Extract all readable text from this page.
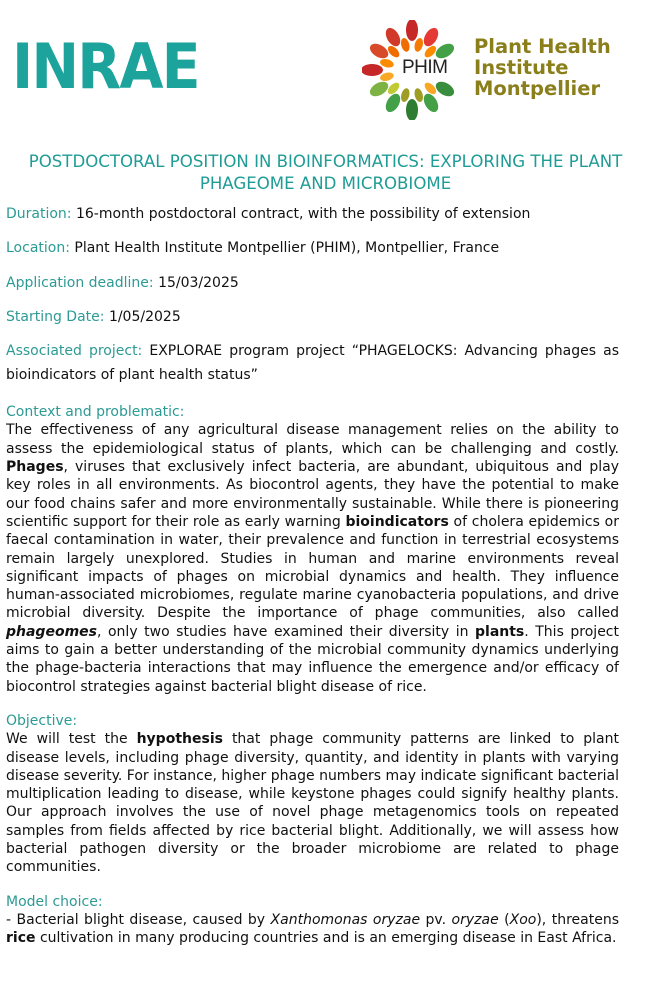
INRAE	PHIM
Plant Health
Institute
Montpellier
POSTDOCTORAL POSITION IN BIOINFORMATICS: EXPLORING THE PLANT PHAGEOME AND MICROBIOME
Duration: 16-month postdoctoral contract, with the possibility of extension
Location: Plant Health Institute Montpellier (PHIM), Montpellier, France
Application deadline: 15/03/2025
Starting Date: 1/05/2025
Associated project: EXPLORAE program project “PHAGELOCKS: Advancing phages as bioindicators of plant health status”
Context and problematic:
The effectiveness of any agricultural disease management relies on the ability to assess the epidemiological status of plants, which can be challenging and costly. Phages, viruses that exclusively infect bacteria, are abundant, ubiquitous and play key roles in all environments. As biocontrol agents, they have the potential to make our food chains safer and more environmentally sustainable. While there is pioneering scientific support for their role as early warning bioindicators of cholera epidemics or faecal contamination in water, their prevalence and function in terrestrial ecosystems remain largely unexplored. Studies in human and marine environments reveal significant impacts of phages on microbial dynamics and health. They influence human-associated microbiomes, regulate marine cyanobacteria populations, and drive microbial diversity. Despite the importance of phage communities, also called phageomes, only two studies have examined their diversity in plants. This project aims to gain a better understanding of the microbial community dynamics underlying the phage-bacteria interactions that may influence the emergence and/or efficacy of biocontrol strategies against bacterial blight disease of rice.
Objective:
We will test the hypothesis that phage community patterns are linked to plant disease levels, including phage diversity, quantity, and identity in plants with varying disease severity. For instance, higher phage numbers may indicate significant bacterial multiplication leading to disease, while keystone phages could signify healthy plants. Our approach involves the use of novel phage metagenomics tools on repeated samples from fields affected by rice bacterial blight. Additionally, we will assess how bacterial pathogen diversity or the broader microbiome are related to phage communities.
Model choice:
- Bacterial blight disease, caused by Xanthomonas oryzae pv. oryzae (Xoo), threatens rice cultivation in many producing countries and is an emerging disease in East Africa.
